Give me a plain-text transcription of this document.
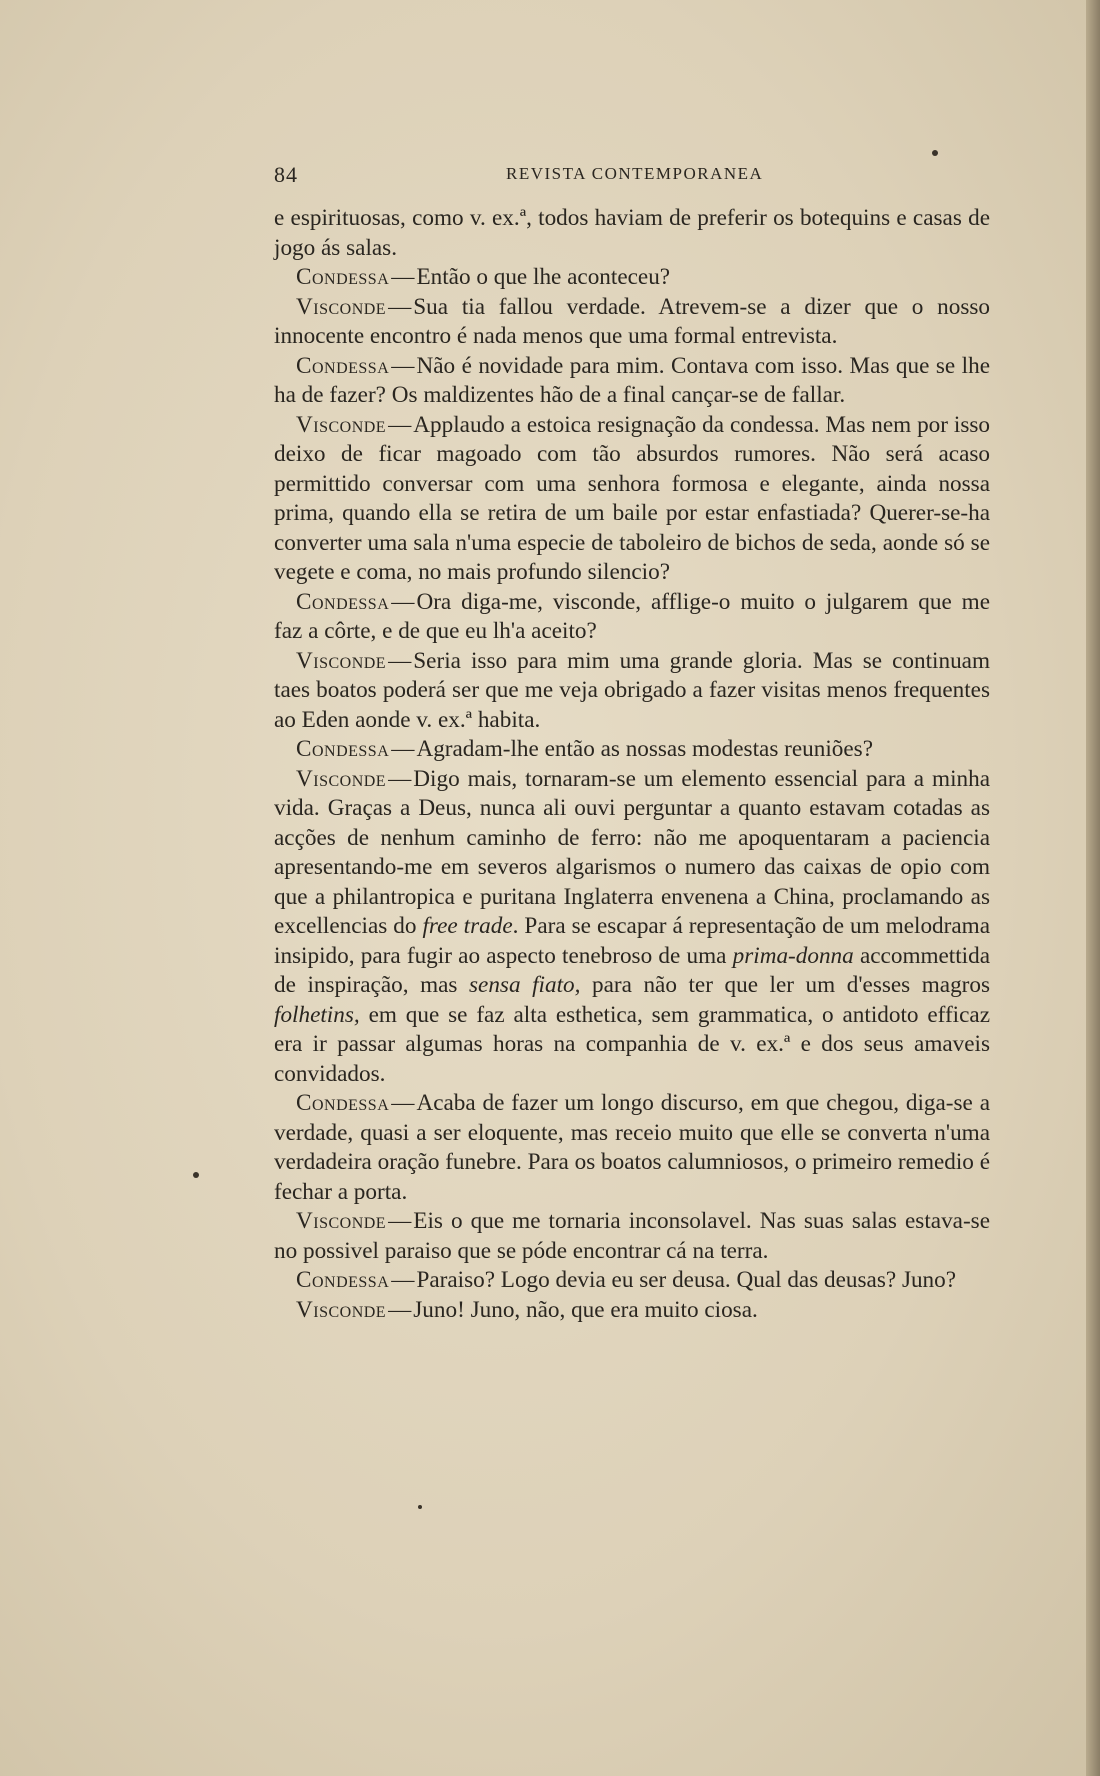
84	REVISTA CONTEMPORANEA

e espirituosas, como v. ex.ª, todos haviam de preferir os botequins e casas de jogo ás salas.

Condessa—Então o que lhe aconteceu?

Visconde—Sua tia fallou verdade. Atrevem-se a dizer que o nosso innocente encontro é nada menos que uma formal entrevista.

Condessa—Não é novidade para mim. Contava com isso. Mas que se lhe ha de fazer? Os maldizentes hão de a final cançar-se de fallar.

Visconde—Applaudo a estoica resignação da condessa. Mas nem por isso deixo de ficar magoado com tão absurdos rumores. Não será acaso permittido conversar com uma senhora formosa e elegante, ainda nossa prima, quando ella se retira de um baile por estar enfastiada? Querer-se-ha converter uma sala n'uma especie de taboleiro de bichos de seda, aonde só se vegete e coma, no mais profundo silencio?

Condessa—Ora diga-me, visconde, afflige-o muito o julgarem que me faz a côrte, e de que eu lh'a aceito?

Visconde—Seria isso para mim uma grande gloria. Mas se continuam taes boatos poderá ser que me veja obrigado a fazer visitas menos frequentes ao Eden aonde v. ex.ª habita.

Condessa—Agradam-lhe então as nossas modestas reuniões?

Visconde—Digo mais, tornaram-se um elemento essencial para a minha vida. Graças a Deus, nunca ali ouvi perguntar a quanto estavam cotadas as acções de nenhum caminho de ferro: não me apoquentaram a paciencia apresentando-me em severos algarismos o numero das caixas de opio com que a philantropica e puritana Inglaterra envenena a China, proclamando as excellencias do free trade. Para se escapar á representação de um melodrama insipido, para fugir ao aspecto tenebroso de uma prima-donna accommettida de inspiração, mas sensa fiato, para não ter que ler um d'esses magros folhetins, em que se faz alta esthetica, sem grammatica, o antidoto efficaz era ir passar algumas horas na companhia de v. ex.ª e dos seus amaveis convidados.

Condessa—Acaba de fazer um longo discurso, em que chegou, diga-se a verdade, quasi a ser eloquente, mas receio muito que elle se converta n'uma verdadeira oração funebre. Para os boatos calumniosos, o primeiro remedio é fechar a porta.

Visconde—Eis o que me tornaria inconsolavel. Nas suas salas estava-se no possivel paraiso que se póde encontrar cá na terra.

Condessa—Paraiso? Logo devia eu ser deusa. Qual das deusas? Juno?

Visconde—Juno! Juno, não, que era muito ciosa.
